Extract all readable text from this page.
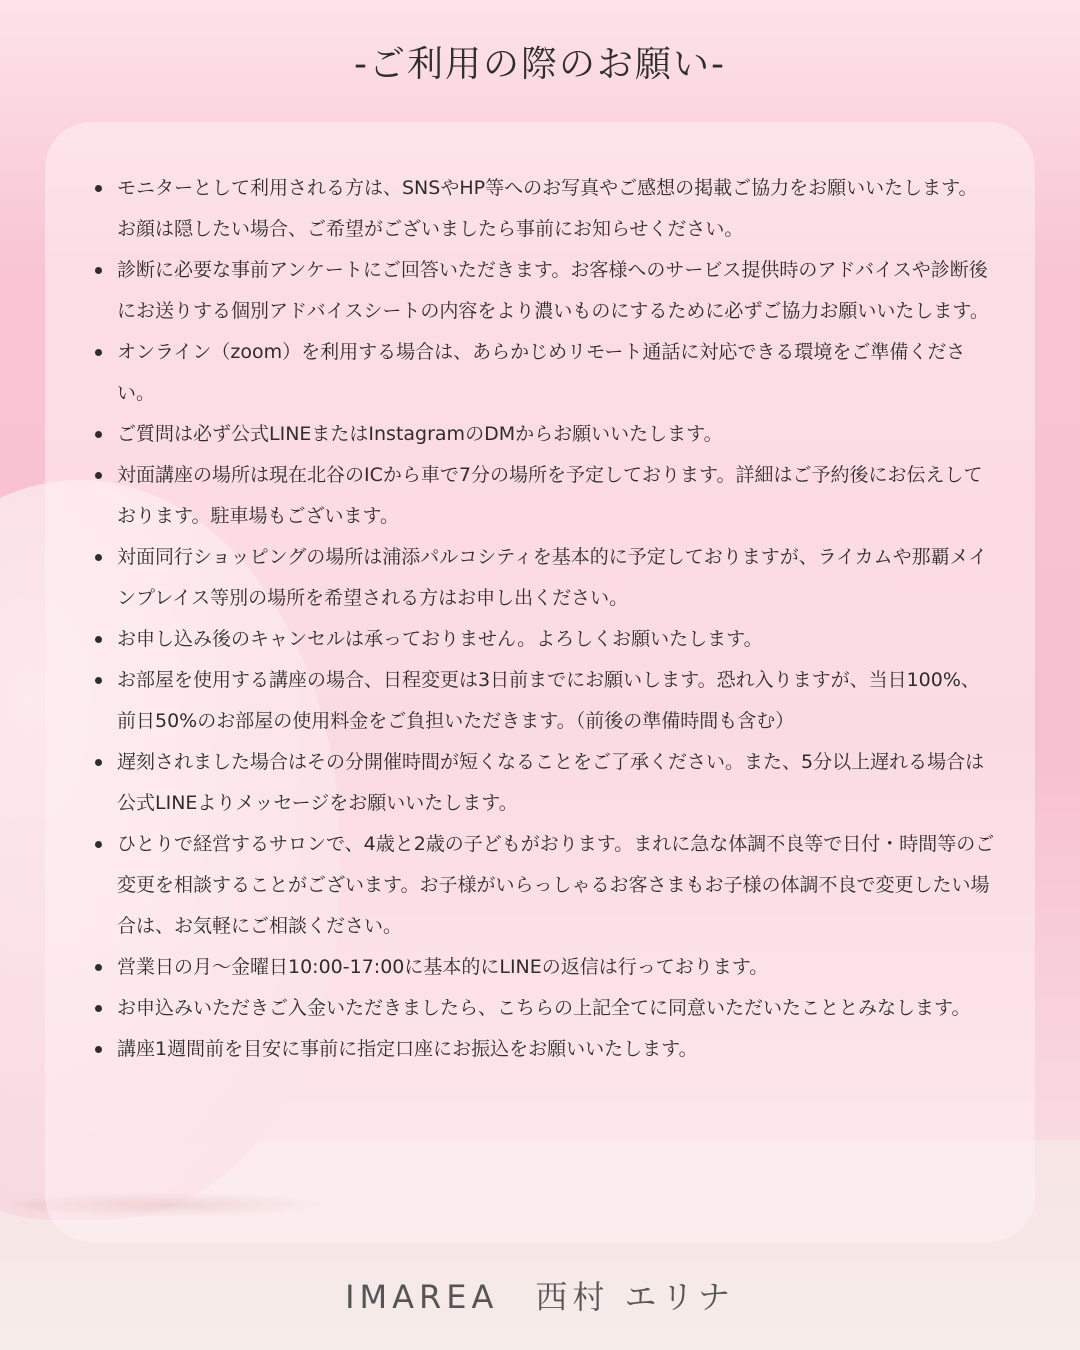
-ご利用の際のお願い-
モニターとして利用される方は、SNSやHP等へのお写真やご感想の掲載ご協力をお願いいたします。お顔は隠したい場合、ご希望がございましたら事前にお知らせください。
診断に必要な事前アンケートにご回答いただきます。お客様へのサービス提供時のアドバイスや診断後にお送りする個別アドバイスシートの内容をより濃いものにするために必ずご協力お願いいたします。
オンライン（zoom）を利用する場合は、あらかじめリモート通話に対応できる環境をご準備ください。
ご質問は必ず公式LINEまたはInstagramのDMからお願いいたします。
対面講座の場所は現在北谷のICから車で7分の場所を予定しております。詳細はご予約後にお伝えしております。駐車場もございます。
対面同行ショッピングの場所は浦添パルコシティを基本的に予定しておりますが、ライカムや那覇メインプレイス等別の場所を希望される方はお申し出ください。
お申し込み後のキャンセルは承っておりません。よろしくお願いたします。
お部屋を使用する講座の場合、日程変更は3日前までにお願いします。恐れ入りますが、当日100%、前日50%のお部屋の使用料金をご負担いただきます。（前後の準備時間も含む）
遅刻されました場合はその分開催時間が短くなることをご了承ください。また、5分以上遅れる場合は公式LINEよりメッセージをお願いいたします。
ひとりで経営するサロンで、4歳と2歳の子どもがおります。まれに急な体調不良等で日付・時間等のご変更を相談することがございます。お子様がいらっしゃるお客さまもお子様の体調不良で変更したい場合は、お気軽にご相談ください。
営業日の月〜金曜日10:00-17:00に基本的にLINEの返信は行っております。
お申込みいただきご入金いただきましたら、こちらの上記全てに同意いただいたこととみなします。
講座1週間前を目安に事前に指定口座にお振込をお願いいたします。
IMAREA　西村 エリナ
